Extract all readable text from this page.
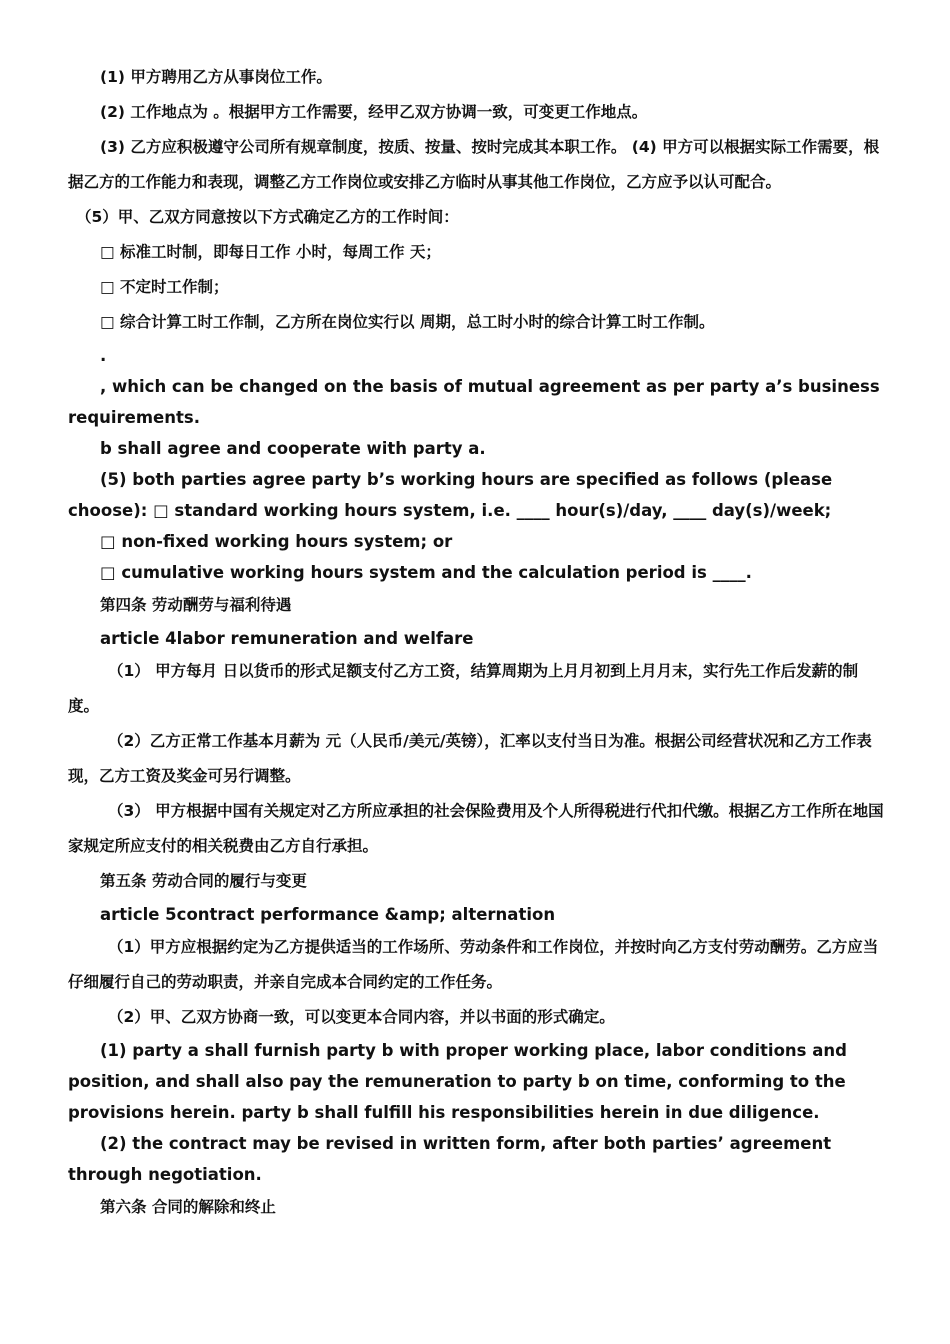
(1) 甲方聘用乙方从事岗位工作。

(2) 工作地点为 。根据甲方工作需要，经甲乙双方协调一致，可变更工作地点。

(3) 乙方应积极遵守公司所有规章制度，按质、按量、按时完成其本职工作。 (4) 甲方可以根据实际工作需要，根据乙方的工作能力和表现，调整乙方工作岗位或安排乙方临时从事其他工作岗位，乙方应予以认可配合。

（5）甲、乙双方同意按以下方式确定乙方的工作时间：

□ 标准工时制，即每日工作 小时，每周工作 天；

□ 不定时工作制；

□ 综合计算工时工作制，乙方所在岗位实行以 周期，总工时小时的综合计算工时工作制。

.

, which can be changed on the basis of mutual agreement as per party a’s business requirements.

b shall agree and cooperate with party a.

(5) both parties agree party b’s working hours are specified as follows (please choose): □ standard working hours system, i.e. ____ hour(s)/day, ____ day(s)/week;

□ non-fixed working hours system; or

□ cumulative working hours system and the calculation period is ____.

第四条 劳动酬劳与福利待遇

article 4labor remuneration and welfare

（1） 甲方每月 日以货币的形式足额支付乙方工资，结算周期为上月月初到上月月末，实行先工作后发薪的制度。

（2）乙方正常工作基本月薪为 元（人民币/美元/英镑），汇率以支付当日为准。根据公司经营状况和乙方工作表现，乙方工资及奖金可另行调整。

（3） 甲方根据中国有关规定对乙方所应承担的社会保险费用及个人所得税进行代扣代缴。根据乙方工作所在地国家规定所应支付的相关税费由乙方自行承担。

第五条 劳动合同的履行与变更

article 5contract performance &amp; alternation

（1）甲方应根据约定为乙方提供适当的工作场所、劳动条件和工作岗位，并按时向乙方支付劳动酬劳。乙方应当仔细履行自己的劳动职责，并亲自完成本合同约定的工作任务。

（2）甲、乙双方协商一致，可以变更本合同内容，并以书面的形式确定。

(1) party a shall furnish party b with proper working place, labor conditions and position, and shall also pay the remuneration to party b on time, conforming to the provisions herein. party b shall fulfill his responsibilities herein in due diligence.

(2) the contract may be revised in written form, after both parties’ agreement through negotiation.

第六条 合同的解除和终止
